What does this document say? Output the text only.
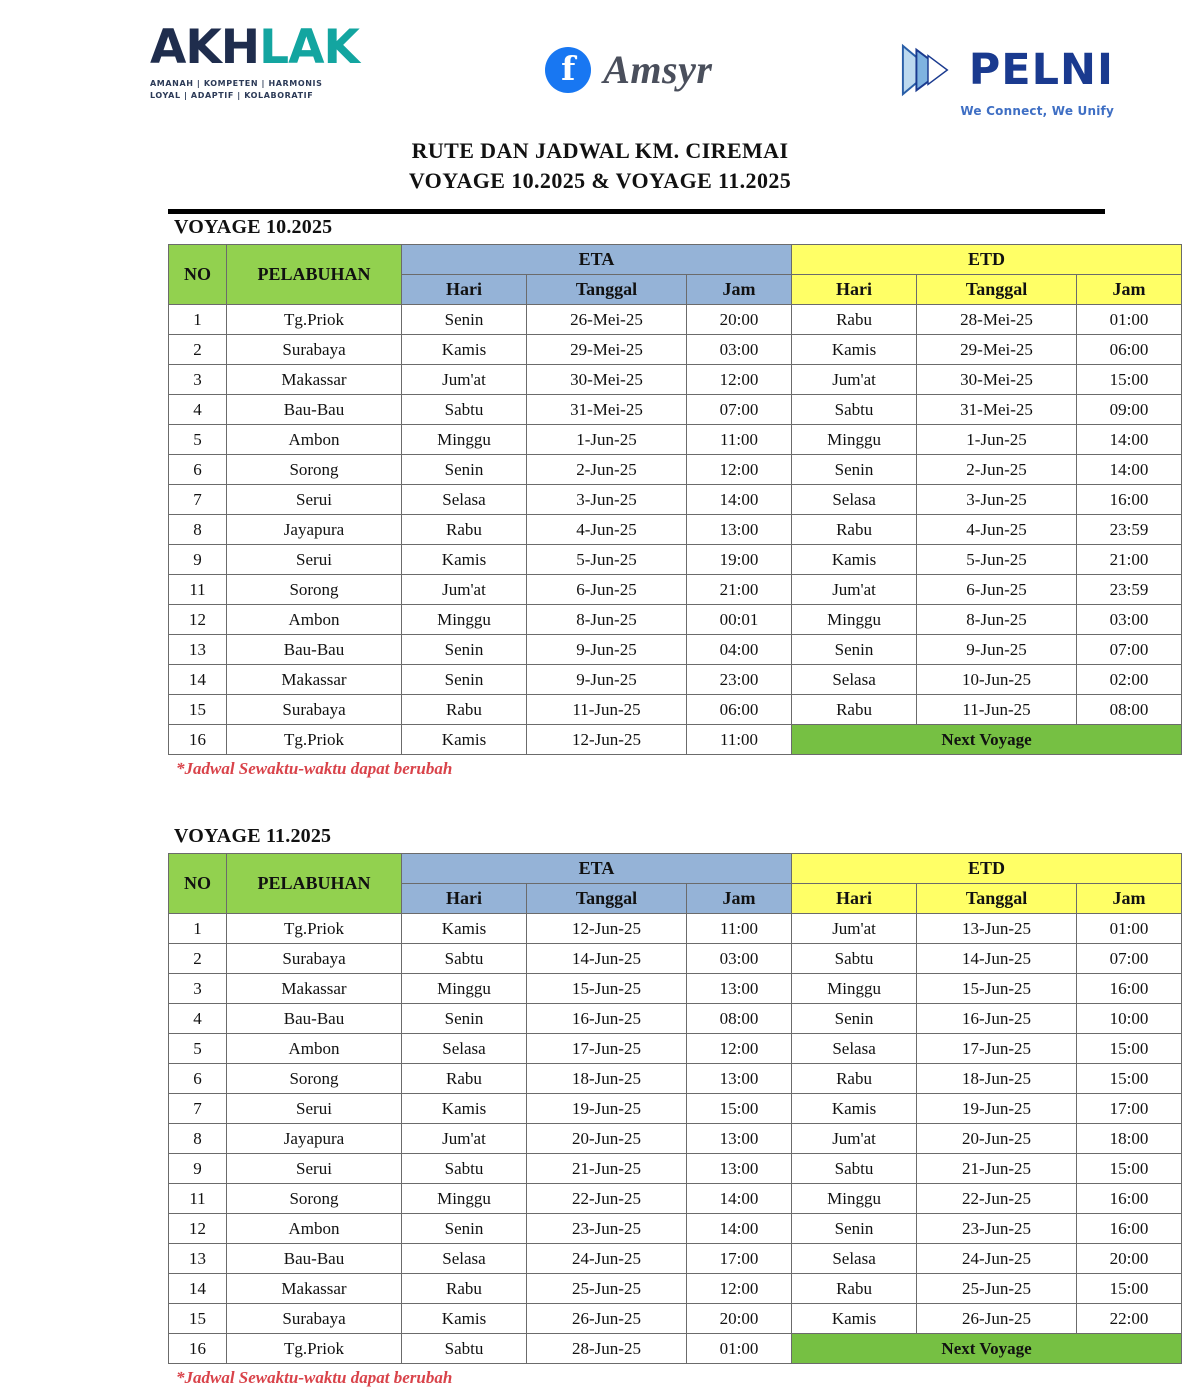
AKHLAK
AMANAH | KOMPETEN | HARMONIS
LOYAL | ADAPTIF | KOLABORATIF
f Amsyr	PELNI
We Connect, We Unify
RUTE DAN JADWAL KM. CIREMAI
VOYAGE 10.2025 & VOYAGE 11.2025
VOYAGE 10.2025
NO	PELABUHAN	ETA			ETD		
		Hari	Tanggal	Jam	Hari	Tanggal	Jam
1	Tg.Priok	Senin	26-Mei-25	20:00	Rabu	28-Mei-25	01:00
2	Surabaya	Kamis	29-Mei-25	03:00	Kamis	29-Mei-25	06:00
3	Makassar	Jum'at	30-Mei-25	12:00	Jum'at	30-Mei-25	15:00
4	Bau-Bau	Sabtu	31-Mei-25	07:00	Sabtu	31-Mei-25	09:00
5	Ambon	Minggu	1-Jun-25	11:00	Minggu	1-Jun-25	14:00
6	Sorong	Senin	2-Jun-25	12:00	Senin	2-Jun-25	14:00
7	Serui	Selasa	3-Jun-25	14:00	Selasa	3-Jun-25	16:00
8	Jayapura	Rabu	4-Jun-25	13:00	Rabu	4-Jun-25	23:59
9	Serui	Kamis	5-Jun-25	19:00	Kamis	5-Jun-25	21:00
11	Sorong	Jum'at	6-Jun-25	21:00	Jum'at	6-Jun-25	23:59
12	Ambon	Minggu	8-Jun-25	00:01	Minggu	8-Jun-25	03:00
13	Bau-Bau	Senin	9-Jun-25	04:00	Senin	9-Jun-25	07:00
14	Makassar	Senin	9-Jun-25	23:00	Selasa	10-Jun-25	02:00
15	Surabaya	Rabu	11-Jun-25	06:00	Rabu	11-Jun-25	08:00
16	Tg.Priok	Kamis	12-Jun-25	11:00	Next Voyage		
*Jadwal Sewaktu-waktu dapat berubah
VOYAGE 11.2025
NO	PELABUHAN	ETA			ETD		
		Hari	Tanggal	Jam	Hari	Tanggal	Jam
1	Tg.Priok	Kamis	12-Jun-25	11:00	Jum'at	13-Jun-25	01:00
2	Surabaya	Sabtu	14-Jun-25	03:00	Sabtu	14-Jun-25	07:00
3	Makassar	Minggu	15-Jun-25	13:00	Minggu	15-Jun-25	16:00
4	Bau-Bau	Senin	16-Jun-25	08:00	Senin	16-Jun-25	10:00
5	Ambon	Selasa	17-Jun-25	12:00	Selasa	17-Jun-25	15:00
6	Sorong	Rabu	18-Jun-25	13:00	Rabu	18-Jun-25	15:00
7	Serui	Kamis	19-Jun-25	15:00	Kamis	19-Jun-25	17:00
8	Jayapura	Jum'at	20-Jun-25	13:00	Jum'at	20-Jun-25	18:00
9	Serui	Sabtu	21-Jun-25	13:00	Sabtu	21-Jun-25	15:00
11	Sorong	Minggu	22-Jun-25	14:00	Minggu	22-Jun-25	16:00
12	Ambon	Senin	23-Jun-25	14:00	Senin	23-Jun-25	16:00
13	Bau-Bau	Selasa	24-Jun-25	17:00	Selasa	24-Jun-25	20:00
14	Makassar	Rabu	25-Jun-25	12:00	Rabu	25-Jun-25	15:00
15	Surabaya	Kamis	26-Jun-25	20:00	Kamis	26-Jun-25	22:00
16	Tg.Priok	Sabtu	28-Jun-25	01:00	Next Voyage		
*Jadwal Sewaktu-waktu dapat berubah
